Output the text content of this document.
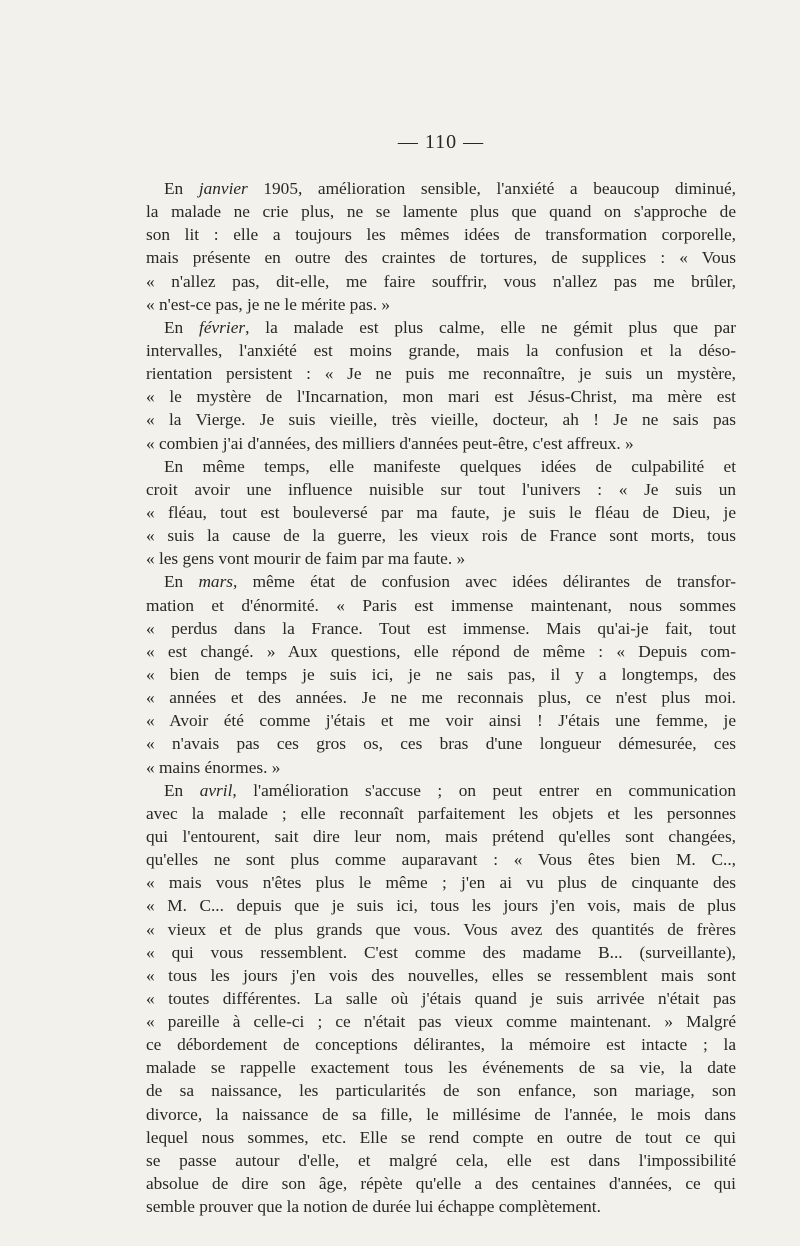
— 110 —
En janvier 1905, amélioration sensible, l'anxiété a beaucoup diminué,
la malade ne crie plus, ne se lamente plus que quand on s'approche de
son lit : elle a toujours les mêmes idées de transformation corporelle,
mais présente en outre des craintes de tortures, de supplices : « Vous
« n'allez pas, dit-elle, me faire souffrir, vous n'allez pas me brûler,
« n'est-ce pas, je ne le mérite pas. »
En février, la malade est plus calme, elle ne gémit plus que par
intervalles, l'anxiété est moins grande, mais la confusion et la déso-
rientation persistent : « Je ne puis me reconnaître, je suis un mystère,
« le mystère de l'Incarnation, mon mari est Jésus-Christ, ma mère est
« la Vierge. Je suis vieille, très vieille, docteur, ah ! Je ne sais pas
« combien j'ai d'années, des milliers d'années peut-être, c'est affreux. »
En même temps, elle manifeste quelques idées de culpabilité et
croit avoir une influence nuisible sur tout l'univers : « Je suis un
« fléau, tout est bouleversé par ma faute, je suis le fléau de Dieu, je
« suis la cause de la guerre, les vieux rois de France sont morts, tous
« les gens vont mourir de faim par ma faute. »
En mars, même état de confusion avec idées délirantes de transfor-
mation et d'énormité. « Paris est immense maintenant, nous sommes
« perdus dans la France. Tout est immense. Mais qu'ai-je fait, tout
« est changé. » Aux questions, elle répond de même : « Depuis com-
« bien de temps je suis ici, je ne sais pas, il y a longtemps, des
« années et des années. Je ne me reconnais plus, ce n'est plus moi.
« Avoir été comme j'étais et me voir ainsi ! J'étais une femme, je
« n'avais pas ces gros os, ces bras d'une longueur démesurée, ces
« mains énormes. »
En avril, l'amélioration s'accuse ; on peut entrer en communication
avec la malade ; elle reconnaît parfaitement les objets et les personnes
qui l'entourent, sait dire leur nom, mais prétend qu'elles sont changées,
qu'elles ne sont plus comme auparavant : « Vous êtes bien M. C..,
« mais vous n'êtes plus le même ; j'en ai vu plus de cinquante des
« M. C... depuis que je suis ici, tous les jours j'en vois, mais de plus
« vieux et de plus grands que vous. Vous avez des quantités de frères
« qui vous ressemblent. C'est comme des madame B... (surveillante),
« tous les jours j'en vois des nouvelles, elles se ressemblent mais sont
« toutes différentes. La salle où j'étais quand je suis arrivée n'était pas
« pareille à celle-ci ; ce n'était pas vieux comme maintenant. » Malgré
ce débordement de conceptions délirantes, la mémoire est intacte ; la
malade se rappelle exactement tous les événements de sa vie, la date
de sa naissance, les particularités de son enfance, son mariage, son
divorce, la naissance de sa fille, le millésime de l'année, le mois dans
lequel nous sommes, etc. Elle se rend compte en outre de tout ce qui
se passe autour d'elle, et malgré cela, elle est dans l'impossibilité
absolue de dire son âge, répète qu'elle a des centaines d'années, ce qui
semble prouver que la notion de durée lui échappe complètement.
